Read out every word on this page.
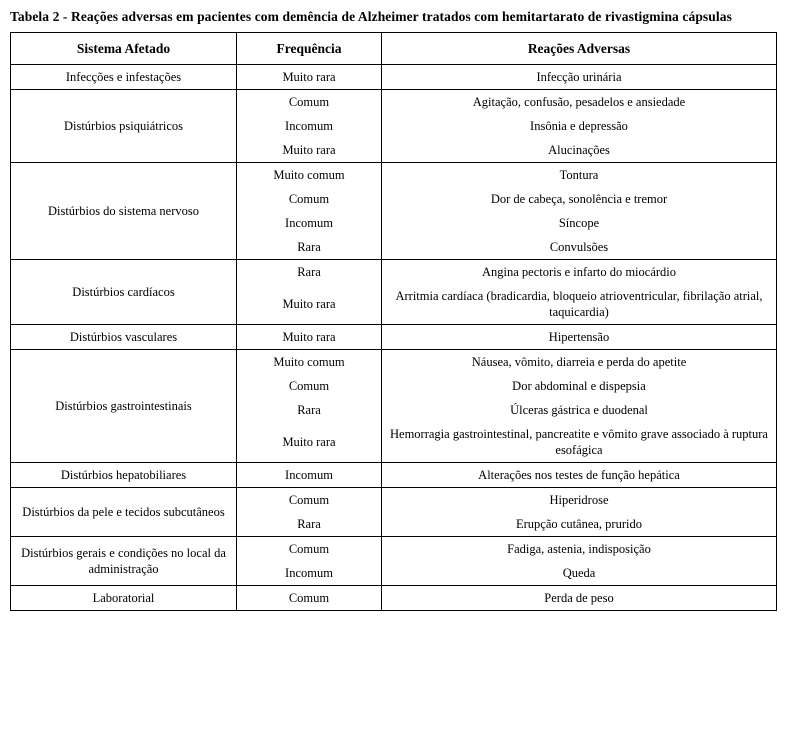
Tabela 2 - Reações adversas em pacientes com demência de Alzheimer tratados com hemitartarato de rivastigmina cápsulas
Sistema Afetado	Frequência	Reações Adversas
Infecções e infestações	Muito rara	Infecção urinária
Distúrbios psiquiátricos	Comum	Agitação, confusão, pesadelos e ansiedade
	Incomum	Insônia e depressão
	Muito rara	Alucinações
Distúrbios do sistema nervoso	Muito comum	Tontura
	Comum	Dor de cabeça, sonolência e tremor
	Incomum	Síncope
	Rara	Convulsões
Distúrbios cardíacos	Rara	Angina pectoris e infarto do miocárdio
	Muito rara	Arritmia cardíaca (bradicardia, bloqueio atrioventricular, fibrilação atrial, taquicardia)
Distúrbios vasculares	Muito rara	Hipertensão
Distúrbios gastrointestinais	Muito comum	Náusea, vômito, diarreia e perda do apetite
	Comum	Dor abdominal e dispepsia
	Rara	Úlceras gástrica e duodenal
	Muito rara	Hemorragia gastrointestinal, pancreatite e vômito grave associado à ruptura esofágica
Distúrbios hepatobiliares	Incomum	Alterações nos testes de função hepática
Distúrbios da pele e tecidos subcutâneos	Comum	Hiperidrose
	Rara	Erupção cutânea, prurido
Distúrbios gerais e condições no local da administração	Comum	Fadiga, astenia, indisposição
	Incomum	Queda
Laboratorial	Comum	Perda de peso
